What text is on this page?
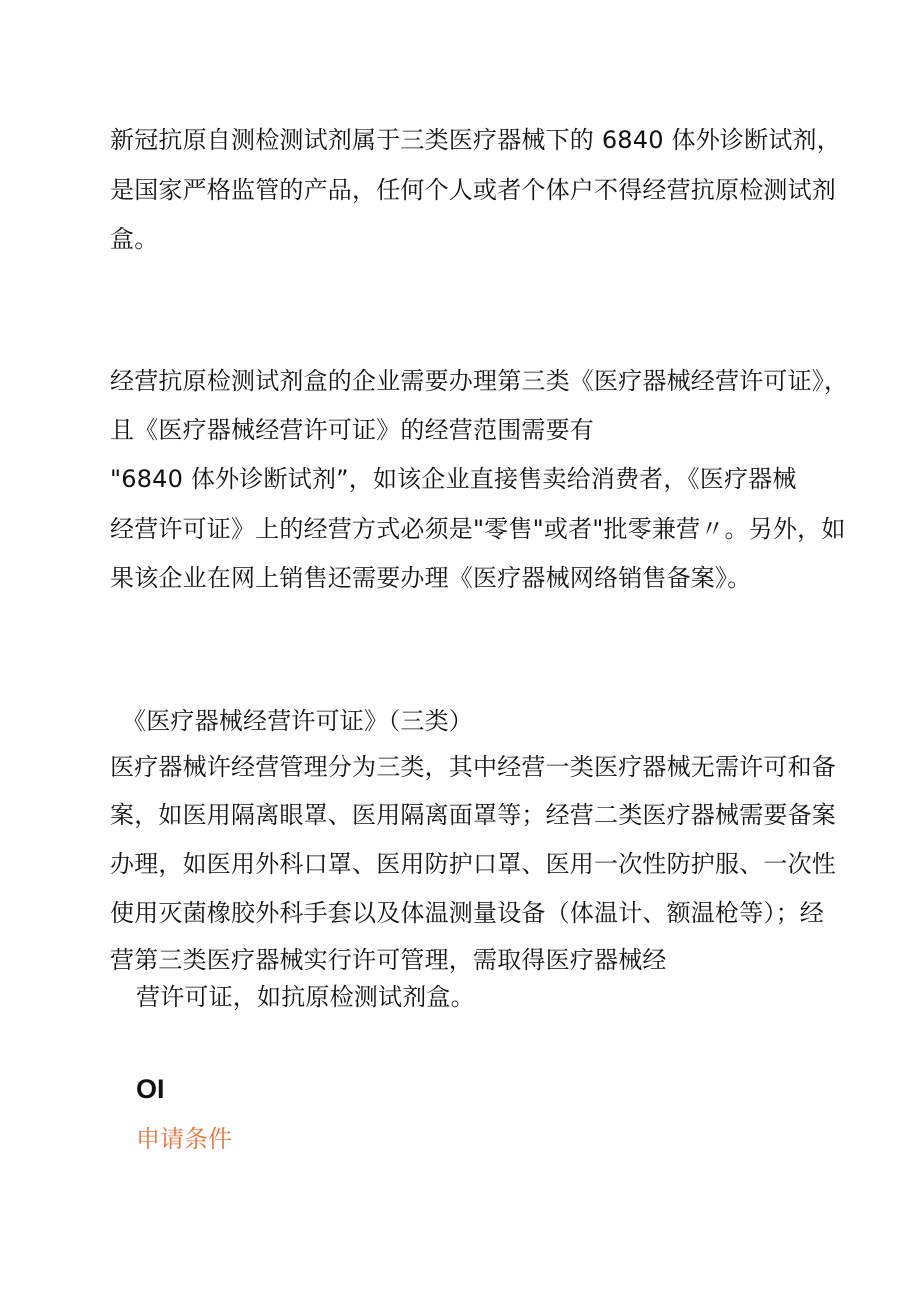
新冠抗原自测检测试剂属于三类医疗器械下的 6840 体外诊断试剂，
是国家严格监管的产品，任何个人或者个体户不得经营抗原检测试剂
盒。
经营抗原检测试剂盒的企业需要办理第三类《医疗器械经营许可证》，
且《医疗器械经营许可证》的经营范围需要有
"6840 体外诊断试剂”，如该企业直接售卖给消费者，《医疗器械
经营许可证》上的经营方式必须是"零售"或者"批零兼营〃。另外，如
果该企业在网上销售还需要办理《医疗器械网络销售备案》。
《医疗器械经营许可证》（三类）
医疗器械许经营管理分为三类，其中经营一类医疗器械无需许可和备
案，如医用隔离眼罩、医用隔离面罩等；经营二类医疗器械需要备案
办理，如医用外科口罩、医用防护口罩、医用一次性防护服、一次性
使用灭菌橡胶外科手套以及体温测量设备（体温计、额温枪等）；经
营第三类医疗器械实行许可管理，需取得医疗器械经
营许可证，如抗原检测试剂盒。
OI
申请条件
